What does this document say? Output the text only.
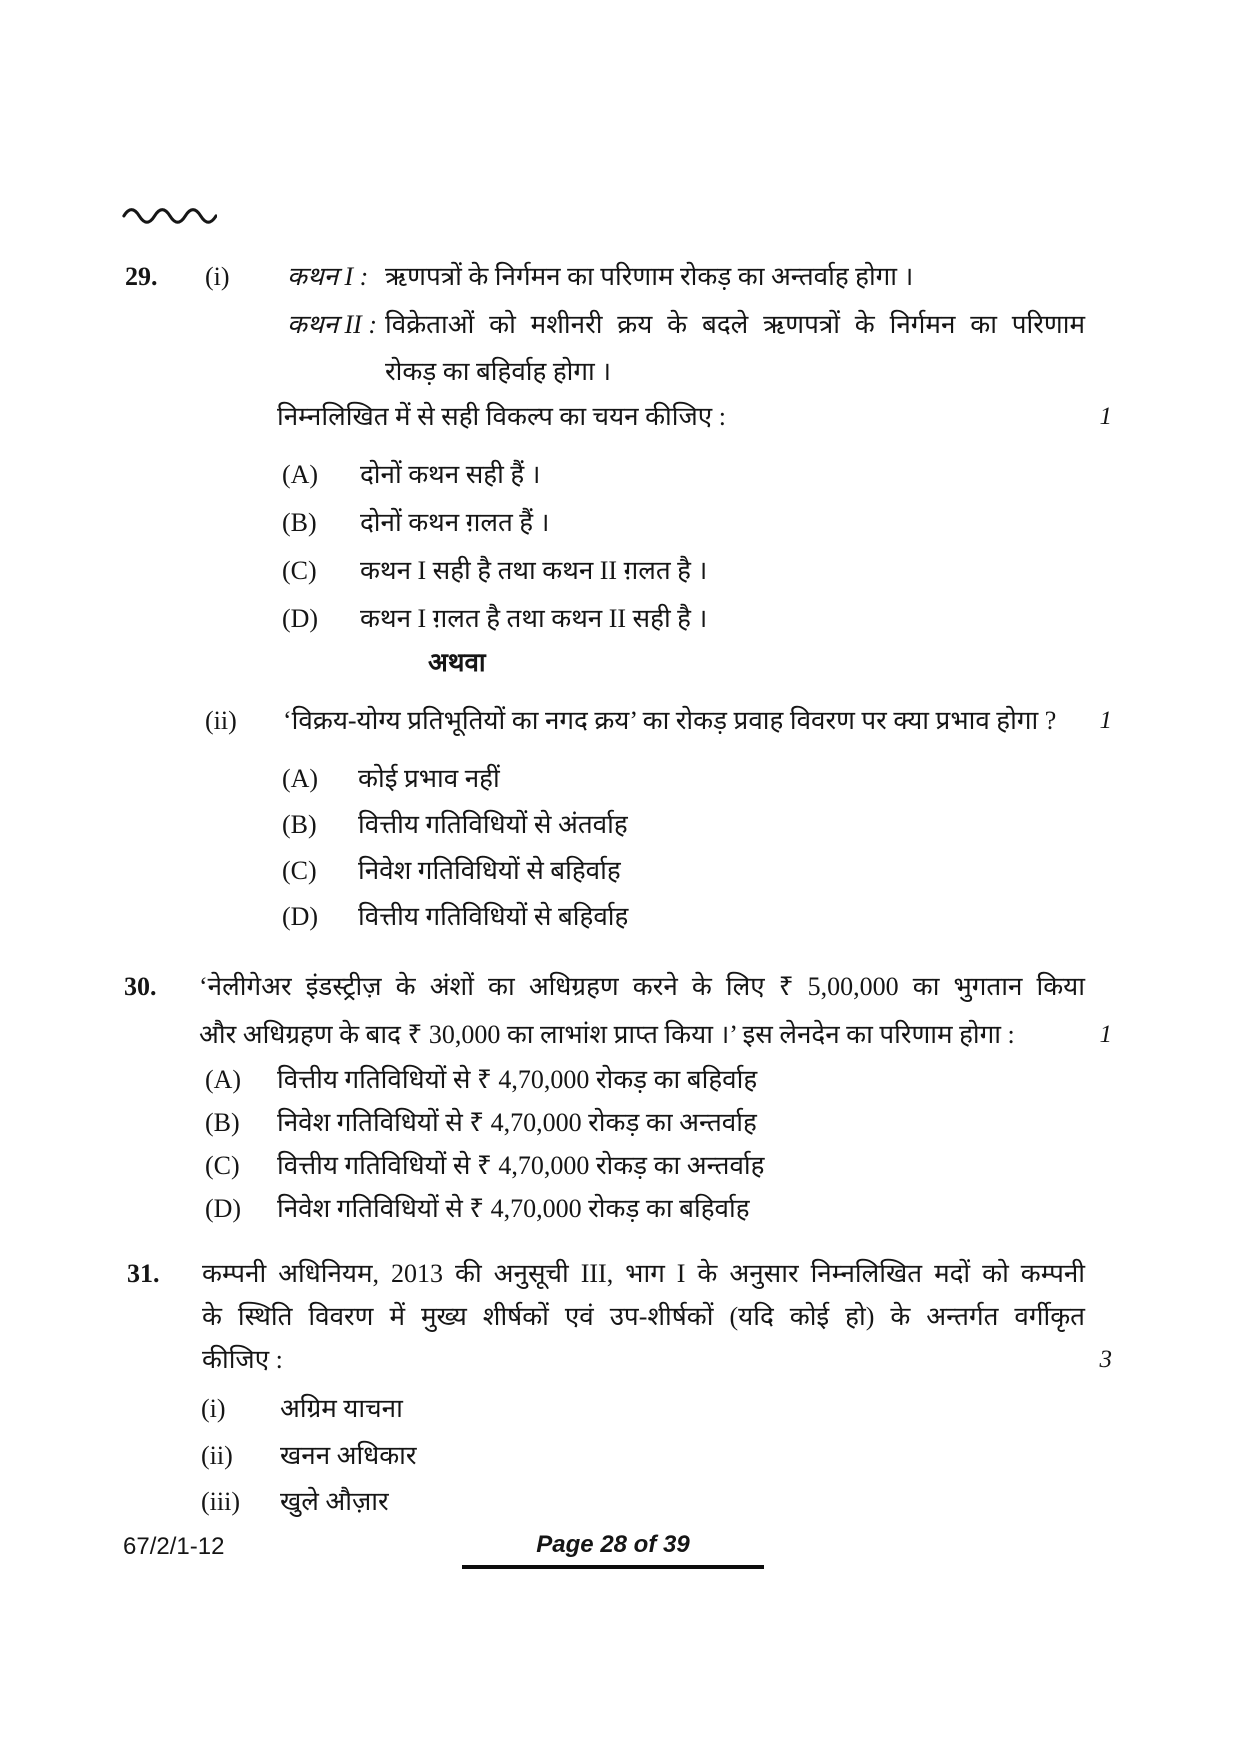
29. (i) कथन I : ऋणपत्रों के निर्गमन का परिणाम रोकड़ का अन्तर्वाह होगा ।
कथन II : विक्रेताओं को मशीनरी क्रय के बदले ऋणपत्रों के निर्गमन का परिणाम
रोकड़ का बहिर्वाह होगा ।
निम्नलिखित में से सही विकल्प का चयन कीजिए :	1
(A) दोनों कथन सही हैं ।
(B) दोनों कथन ग़लत हैं ।
(C) कथन I सही है तथा कथन II ग़लत है ।
(D) कथन I ग़लत है तथा कथन II सही है ।
अथवा
(ii) ‘विक्रय-योग्य प्रतिभूतियों का नगद क्रय’ का रोकड़ प्रवाह विवरण पर क्या प्रभाव होगा ? 1
(A) कोई प्रभाव नहीं
(B) वित्तीय गतिविधियों से अंतर्वाह
(C) निवेश गतिविधियों से बहिर्वाह
(D) वित्तीय गतिविधियों से बहिर्वाह
30. ‘नेलीगेअर इंडस्ट्रीज़ के अंशों का अधिग्रहण करने के लिए ₹ 5,00,000 का भुगतान किया
और अधिग्रहण के बाद ₹ 30,000 का लाभांश प्राप्त किया ।’ इस लेनदेन का परिणाम होगा :	1
(A) वित्तीय गतिविधियों से ₹ 4,70,000 रोकड़ का बहिर्वाह
(B) निवेश गतिविधियों से ₹ 4,70,000 रोकड़ का अन्तर्वाह
(C) वित्तीय गतिविधियों से ₹ 4,70,000 रोकड़ का अन्तर्वाह
(D) निवेश गतिविधियों से ₹ 4,70,000 रोकड़ का बहिर्वाह
31. कम्पनी अधिनियम, 2013 की अनुसूची III, भाग I के अनुसार निम्नलिखित मदों को कम्पनी
के स्थिति विवरण में मुख्य शीर्षकों एवं उप-शीर्षकों (यदि कोई हो) के अन्तर्गत वर्गीकृत
कीजिए :	3
(i) अग्रिम याचना
(ii) खनन अधिकार
(iii) खुले औज़ार
67/2/1-12	Page 28 of 39
